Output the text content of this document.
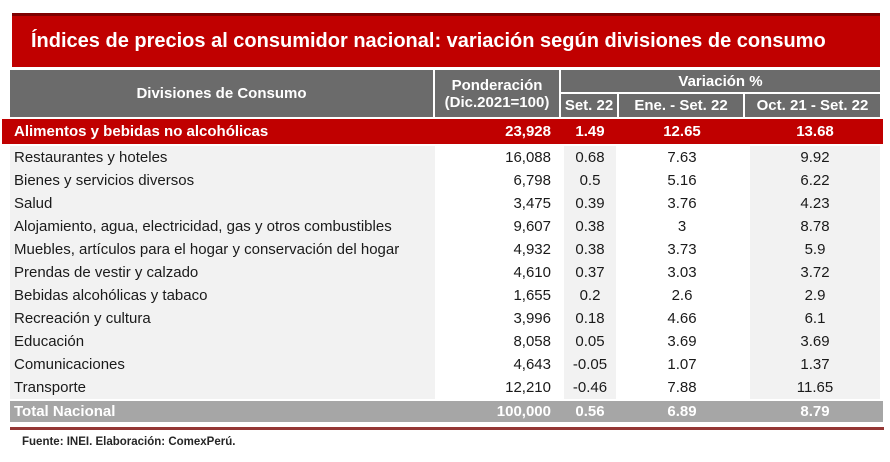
Índices de precios al consumidor nacional: variación según divisiones de consumo
Divisiones de Consumo	Ponderación
(Dic.2021=100)
Variación %
Set. 22	Ene. - Set. 22	Oct. 21 - Set. 22
Alimentos y bebidas no alcohólicas	23,928	1.49	12.65	13.68
Restaurantes y hoteles	16,088	0.68	7.63	9.92
Bienes y servicios diversos	6,798	0.5	5.16	6.22
Salud	3,475	0.39	3.76	4.23
Alojamiento, agua, electricidad, gas y otros combustibles	9,607	0.38	3	8.78
Muebles, artículos para el hogar y conservación del hogar	4,932	0.38	3.73	5.9
Prendas de vestir y calzado	4,610	0.37	3.03	3.72
Bebidas alcohólicas y tabaco	1,655	0.2	2.6	2.9
Recreación y cultura	3,996	0.18	4.66	6.1
Educación	8,058	0.05	3.69	3.69
Comunicaciones	4,643	-0.05	1.07	1.37
Transporte	12,210	-0.46	7.88	11.65
Total Nacional	100,000	0.56	6.89	8.79
Fuente: INEI. Elaboración: ComexPerú.
